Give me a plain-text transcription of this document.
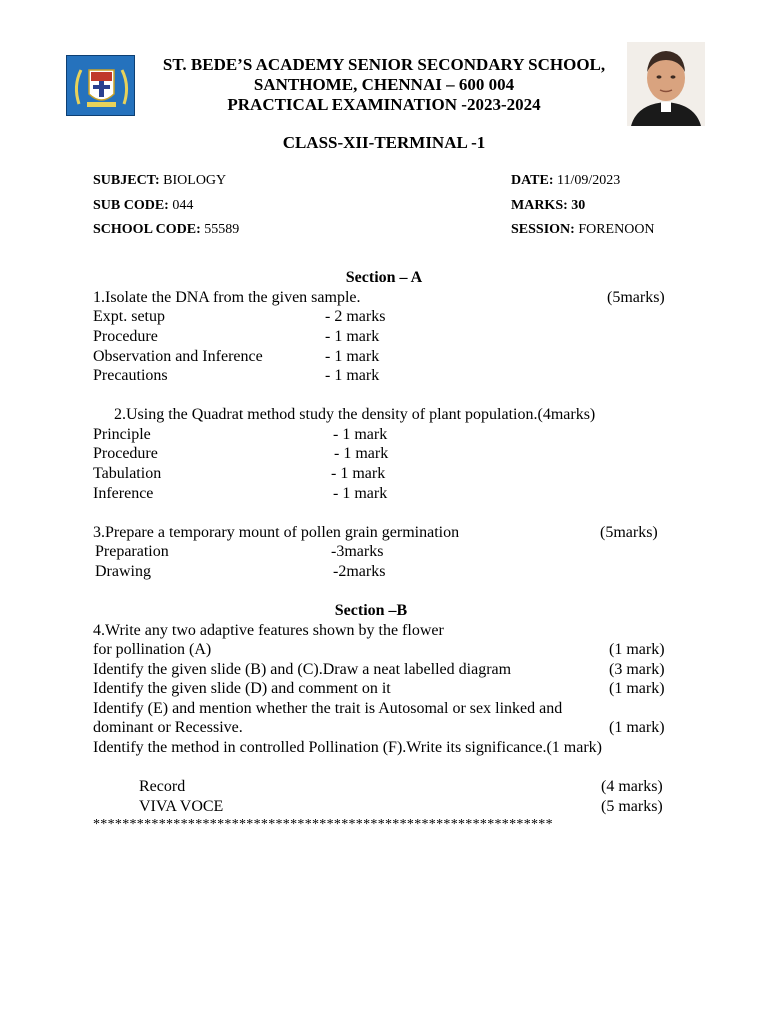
ST. BEDE’S ACADEMY SENIOR SECONDARY SCHOOL,
SANTHOME, CHENNAI – 600 004
PRACTICAL EXAMINATION -2023-2024
CLASS-XII-TERMINAL -1
SUBJECT: BIOLOGY
SUB CODE: 044
SCHOOL CODE: 55589
DATE: 11/09/2023
MARKS: 30
SESSION: FORENOON
Section – A
1.Isolate the DNA from the given sample.	(5marks)
Expt. setup	- 2 marks
Procedure	- 1 mark
Observation and Inference	- 1 mark
Precautions	- 1 mark
2.Using the Quadrat method study the density of plant population.(4marks)
Principle	- 1 mark
Procedure	- 1 mark
Tabulation	- 1 mark
Inference	- 1 mark
3.Prepare a temporary mount of pollen grain germination	(5marks)
Preparation	-3marks
Drawing	-2marks
Section –B
4.Write any two adaptive features shown by the flower
for pollination (A)	(1 mark)
Identify the given slide (B) and (C).Draw a neat labelled diagram	(3 mark)
Identify the given slide (D) and comment on it	(1 mark)
Identify (E) and mention whether the trait is Autosomal or sex linked and
dominant or Recessive.	(1 mark)
Identify the method in controlled Pollination (F).Write its significance.(1 mark)
Record	(4 marks)
VIVA VOCE	(5 marks)
***************************************************************
